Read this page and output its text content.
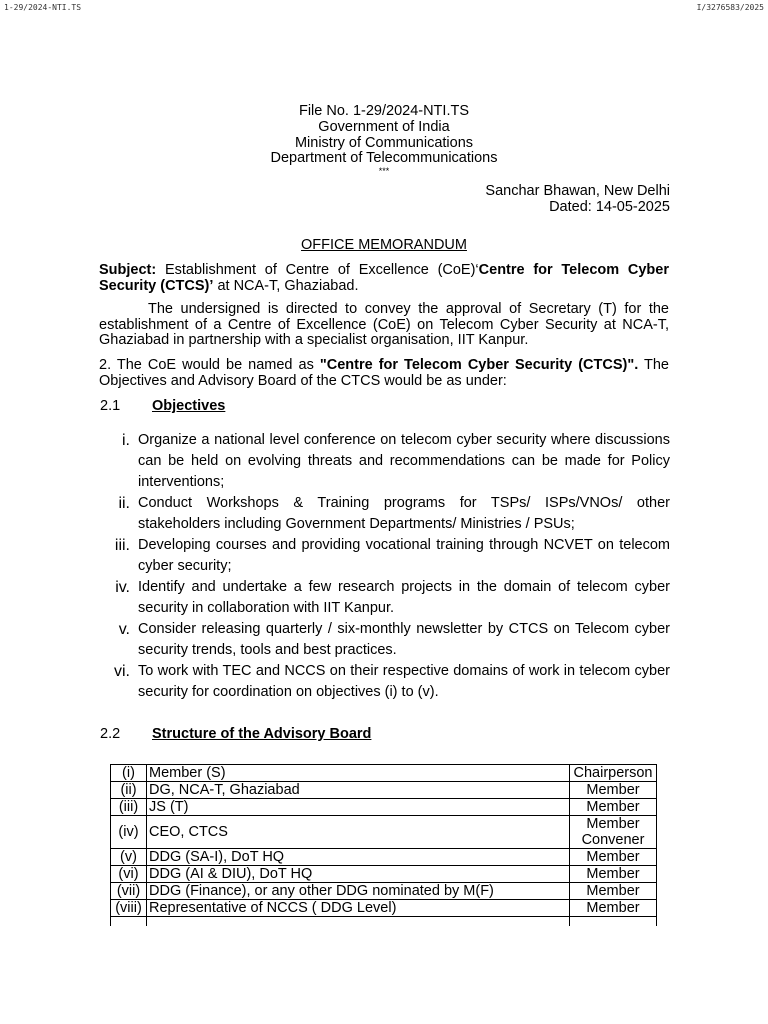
1-29/2024-NTI.TS	I/3276583/2025
File No. 1-29/2024-NTI.TS
Government of India
Ministry of Communications
Department of Telecommunications
***
Sanchar Bhawan, New Delhi
Dated: 14-05-2025
OFFICE MEMORANDUM
Subject: Establishment of Centre of Excellence (CoE)‘Centre for Telecom Cyber Security (CTCS)’ at NCA-T, Ghaziabad.
The undersigned is directed to convey the approval of Secretary (T) for the establishment of a Centre of Excellence (CoE) on Telecom Cyber Security at NCA-T, Ghaziabad in partnership with a specialist organisation, IIT Kanpur.
2. The CoE would be named as "Centre for Telecom Cyber Security (CTCS)". The Objectives and Advisory Board of the CTCS would be as under:
2.1 Objectives
i. Organize a national level conference on telecom cyber security where discussions can be held on evolving threats and recommendations can be made for Policy interventions;
ii. Conduct Workshops & Training programs for TSPs/ ISPs/VNOs/ other stakeholders including Government Departments/ Ministries / PSUs;
iii. Developing courses and providing vocational training through NCVET on telecom cyber security;
iv. Identify and undertake a few research projects in the domain of telecom cyber security in collaboration with IIT Kanpur.
v. Consider releasing quarterly / six-monthly newsletter by CTCS on Telecom cyber security trends, tools and best practices.
vi. To work with TEC and NCCS on their respective domains of work in telecom cyber security for coordination on objectives (i) to (v).
2.2 Structure of the Advisory Board
(i)	Member (S)	Chairperson
(ii)	DG, NCA-T, Ghaziabad	Member
(iii)	JS (T)	Member
(iv)	CEO, CTCS	Member
Convener

(v)	DDG (SA-I), DoT HQ	Member
(vi)	DDG (AI & DIU), DoT HQ	Member
(vii)	DDG (Finance), or any other DDG nominated by M(F)	Member
(viii)	Representative of NCCS ( DDG Level)	Member
